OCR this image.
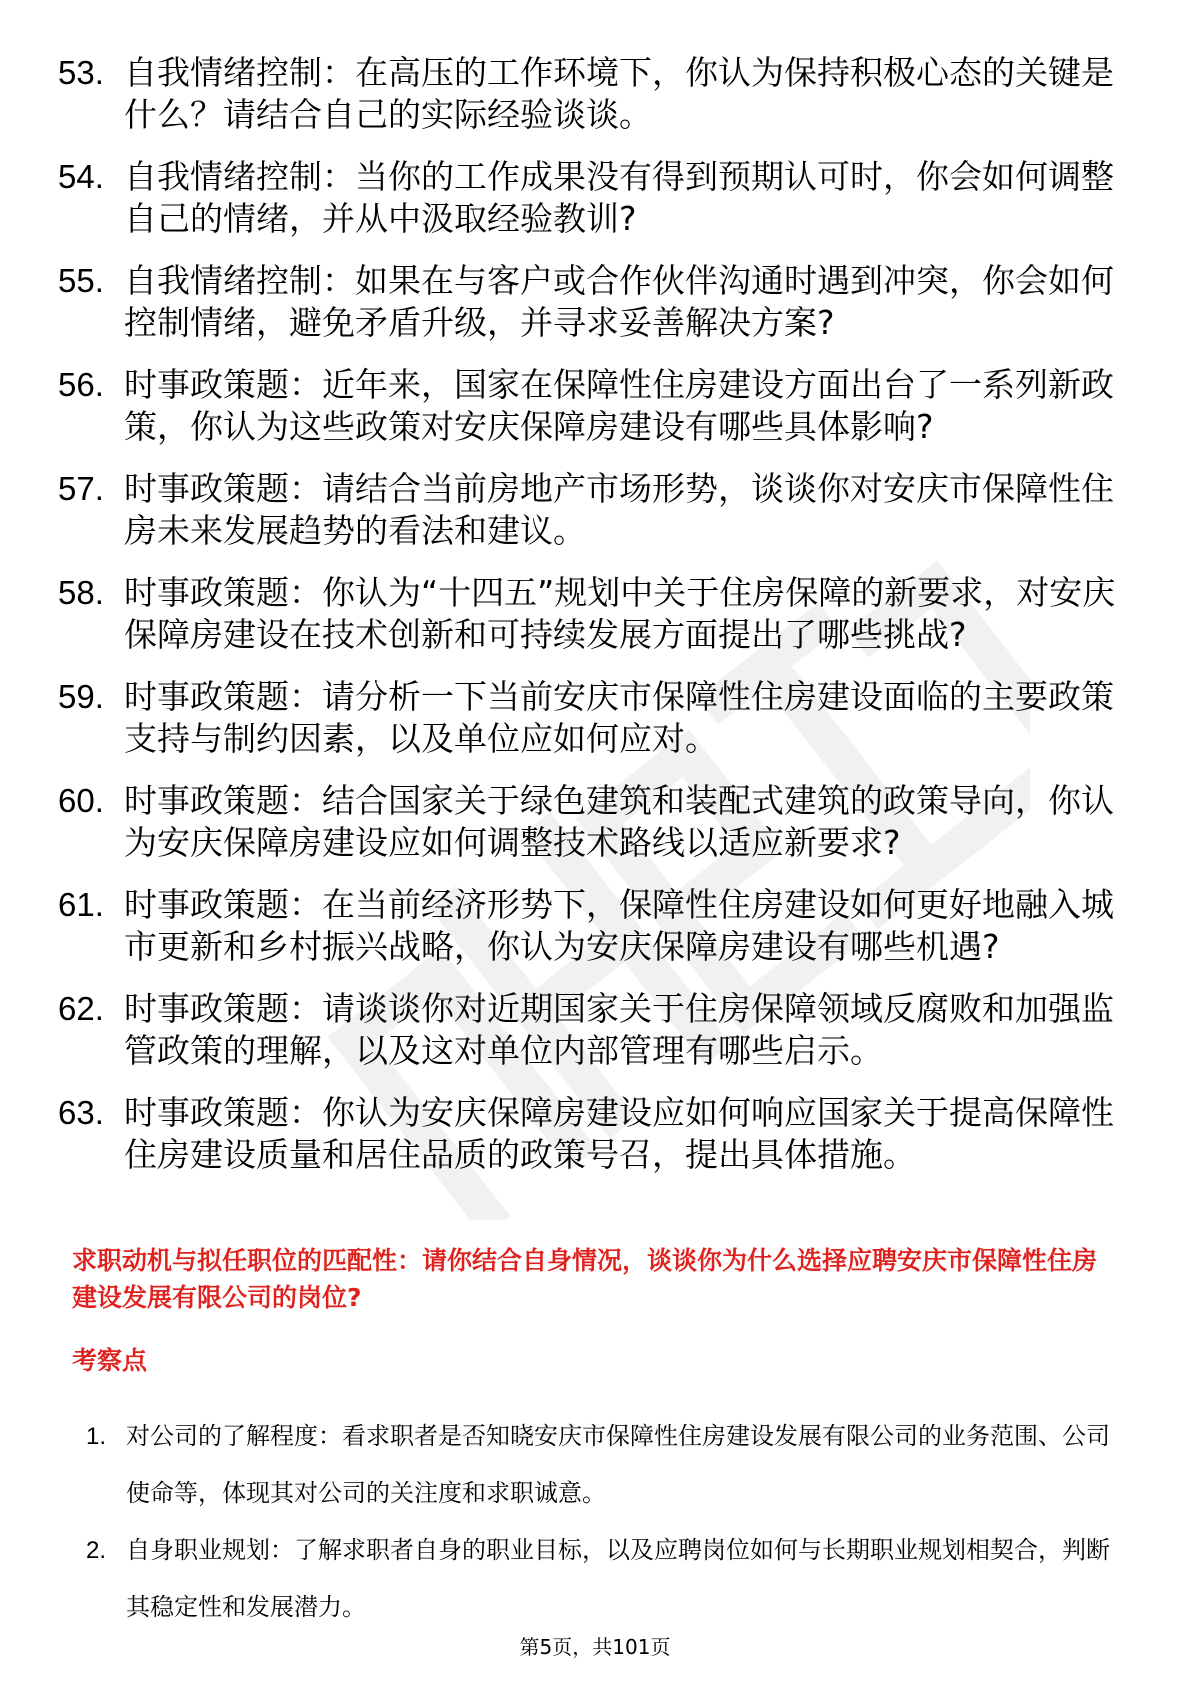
53. 自我情绪控制：在高压的工作环境下，你认为保持积极心态的关键是什么？请结合自己的实际经验谈谈。
54. 自我情绪控制：当你的工作成果没有得到预期认可时，你会如何调整自己的情绪，并从中汲取经验教训?
55. 自我情绪控制：如果在与客户或合作伙伴沟通时遇到冲突，你会如何控制情绪，避免矛盾升级，并寻求妥善解决方案?
56. 时事政策题：近年来，国家在保障性住房建设方面出台了一系列新政策，你认为这些政策对安庆保障房建设有哪些具体影响?
57. 时事政策题：请结合当前房地产市场形势，谈谈你对安庆市保障性住房未来发展趋势的看法和建议。
58. 时事政策题：你认为“十四五”规划中关于住房保障的新要求，对安庆保障房建设在技术创新和可持续发展方面提出了哪些挑战?
59. 时事政策题：请分析一下当前安庆市保障性住房建设面临的主要政策支持与制约因素，以及单位应如何应对。
60. 时事政策题：结合国家关于绿色建筑和装配式建筑的政策导向，你认为安庆保障房建设应如何调整技术路线以适应新要求?
61. 时事政策题：在当前经济形势下，保障性住房建设如何更好地融入城市更新和乡村振兴战略，你认为安庆保障房建设有哪些机遇?
62. 时事政策题：请谈谈你对近期国家关于住房保障领域反腐败和加强监管政策的理解，以及这对单位内部管理有哪些启示。
63. 时事政策题：你认为安庆保障房建设应如何响应国家关于提高保障性住房建设质量和居住品质的政策号召，提出具体措施。

求职动机与拟任职位的匹配性：请你结合自身情况，谈谈你为什么选择应聘安庆市保障性住房建设发展有限公司的岗位?

考察点

1. 对公司的了解程度：看求职者是否知晓安庆市保障性住房建设发展有限公司的业务范围、公司使命等，体现其对公司的关注度和求职诚意。
2. 自身职业规划：了解求职者自身的职业目标，以及应聘岗位如何与长期职业规划相契合，判断其稳定性和发展潜力。
第5页，共101页
